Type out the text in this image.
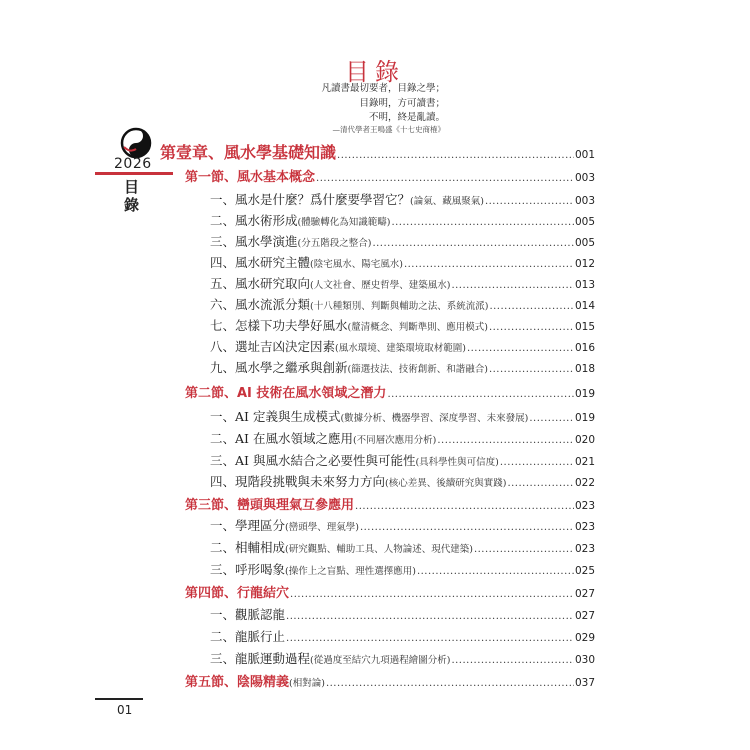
目錄
凡讀書最切要者，目錄之學；
目錄明，方可讀書；
不明，終是亂讀。
—清代學者王鳴盛《十七史商榷》
2026
目錄
第壹章、風水學基礎知識 .....	001
第一節、風水基本概念 .....	003
一、風水是什麼？爲什麼要學習它？ (論氣、藏風聚氣) .....	003
二、風水術形成 (體驗轉化為知識範疇) .....	005
三、風水學演進 (分五階段之整合) .....	005
四、風水研究主體 (陰宅風水、陽宅風水) .....	012
五、風水研究取向 (人文社會、歷史哲學、建築風水) .....	013
六、風水流派分類 (十八種類別、判斷與輔助之法、系統流派) .....	014
七、怎樣下功夫學好風水 (釐清概念、判斷準則、應用模式) .....	015
八、選址吉凶決定因素 (風水環境、建築環境取材範圍) .....	016
九、風水學之繼承與創新 (篩選技法、技術創新、和諧融合) .....	018
第二節、AI 技術在風水領域之潛力 .....	019
一、AI 定義與生成模式 (數據分析、機器學習、深度學習、未來發展) .....	019
二、AI 在風水領域之應用 (不同層次應用分析) .....	020
三、AI 與風水結合之必要性與可能性 (具科學性與可信度) .....	021
四、現階段挑戰與未來努力方向 (核心差異、後續研究與實踐) .....	022
第三節、巒頭與理氣互參應用 .....	023
一、學理區分 (巒頭學、理氣學) .....	023
二、相輔相成 (研究觀點、輔助工具、人物論述、現代建築) .....	023
三、呼形喝象 (操作上之盲點、理性選擇應用) .....	025
第四節、行龍結穴 .....	027
一、觀脈認龍 .....	027
二、龍脈行止 .....	029
三、龍脈運動過程 (從過度至結穴九項過程繪圖分析) .....	030
第五節、陰陽精義 (相對論) .....	037
01
